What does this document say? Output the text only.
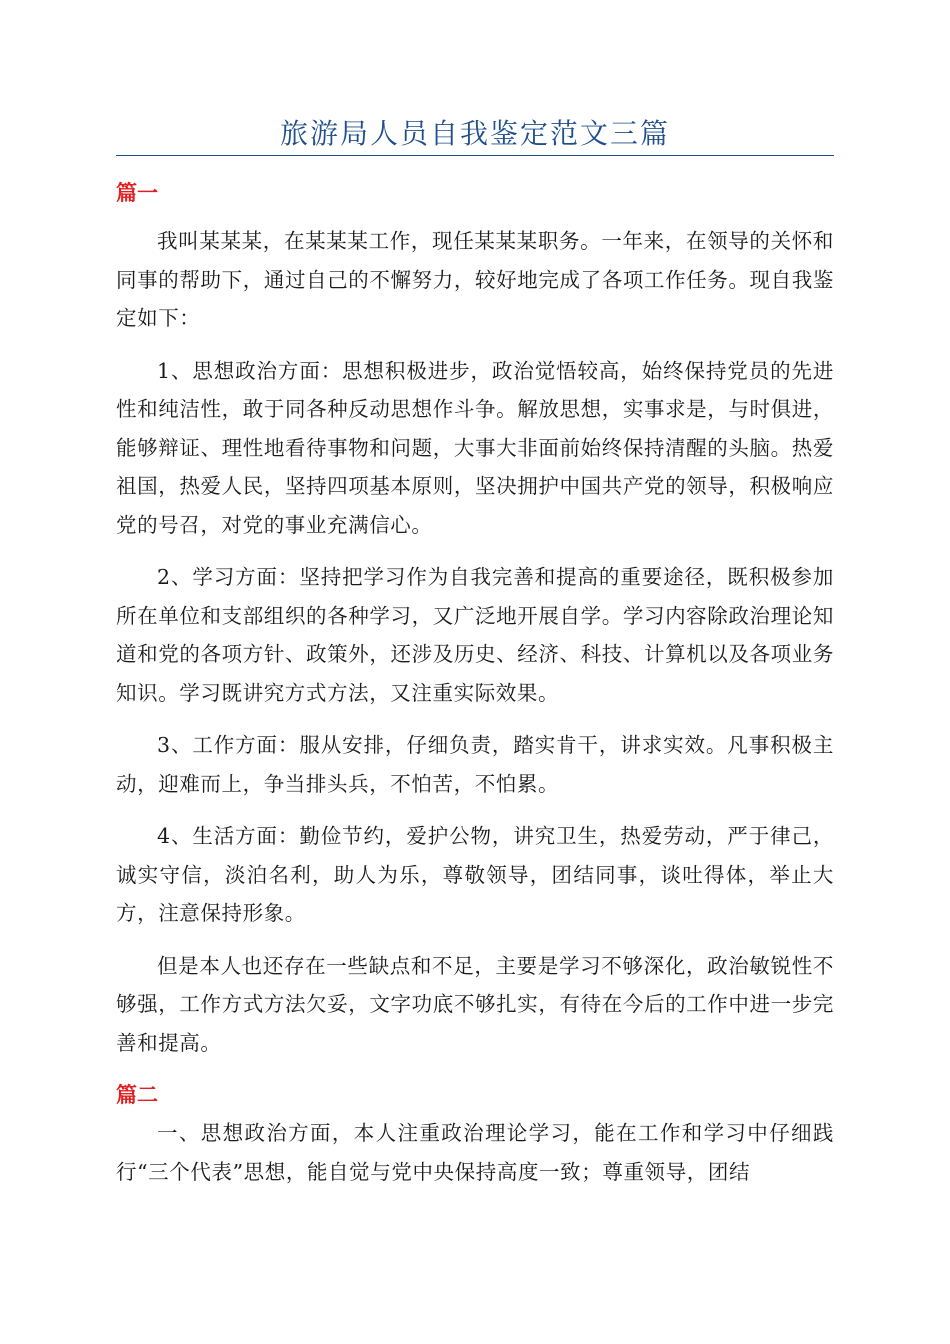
旅游局人员自我鉴定范文三篇
篇一

我叫某某某，在某某某工作，现任某某某职务。一年来，在领导的关怀和同事的帮助下，通过自己的不懈努力，较好地完成了各项工作任务。现自我鉴定如下：

1、思想政治方面：思想积极进步，政治觉悟较高，始终保持党员的先进性和纯洁性，敢于同各种反动思想作斗争。解放思想，实事求是，与时俱进，能够辩证、理性地看待事物和问题，大事大非面前始终保持清醒的头脑。热爱祖国，热爱人民，坚持四项基本原则，坚决拥护中国共产党的领导，积极响应党的号召，对党的事业充满信心。

2、学习方面：坚持把学习作为自我完善和提高的重要途径，既积极参加所在单位和支部组织的各种学习，又广泛地开展自学。学习内容除政治理论知道和党的各项方针、政策外，还涉及历史、经济、科技、计算机以及各项业务知识。学习既讲究方式方法，又注重实际效果。

3、工作方面：服从安排，仔细负责，踏实肯干，讲求实效。凡事积极主动，迎难而上，争当排头兵，不怕苦，不怕累。

4、生活方面：勤俭节约，爱护公物，讲究卫生，热爱劳动，严于律己，诚实守信，淡泊名利，助人为乐，尊敬领导，团结同事，谈吐得体，举止大方，注意保持形象。

但是本人也还存在一些缺点和不足，主要是学习不够深化，政治敏锐性不够强，工作方式方法欠妥，文字功底不够扎实，有待在今后的工作中进一步完善和提高。

篇二

一、思想政治方面，本人注重政治理论学习，能在工作和学习中仔细践行“三个代表”思想，能自觉与党中央保持高度一致；尊重领导，团结
